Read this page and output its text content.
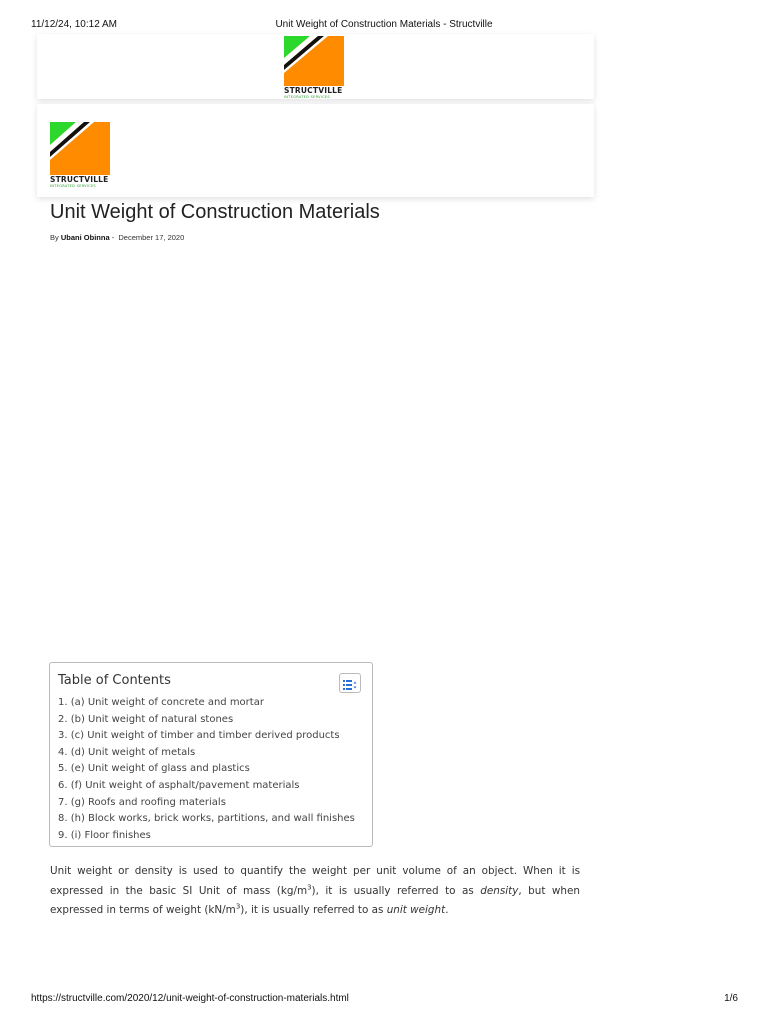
11/12/24, 10:12 AM	Unit Weight of Construction Materials - Structville
STRUCTVILLE
INTEGRATED SERVICES
STRUCTVILLE
INTEGRATED SERVICES
Unit Weight of Construction Materials
By Ubani Obinna - December 17, 2020
Table of Contents
1. (a) Unit weight of concrete and mortar
2. (b) Unit weight of natural stones
3. (c) Unit weight of timber and timber derived products
4. (d) Unit weight of metals
5. (e) Unit weight of glass and plastics
6. (f) Unit weight of asphalt/pavement materials
7. (g) Roofs and roofing materials
8. (h) Block works, brick works, partitions, and wall finishes
9. (i) Floor finishes

Unit weight or density is used to quantify the weight per unit volume of an object. When it is expressed in the basic SI Unit of mass $(kg/m^3)$, it is usually referred to as density, but when expressed in terms of weight $(kN/m^3)$, it is usually referred to as unit weight.

https://structville.com/2020/12/unit-weight-of-construction-materials.html	1/6
